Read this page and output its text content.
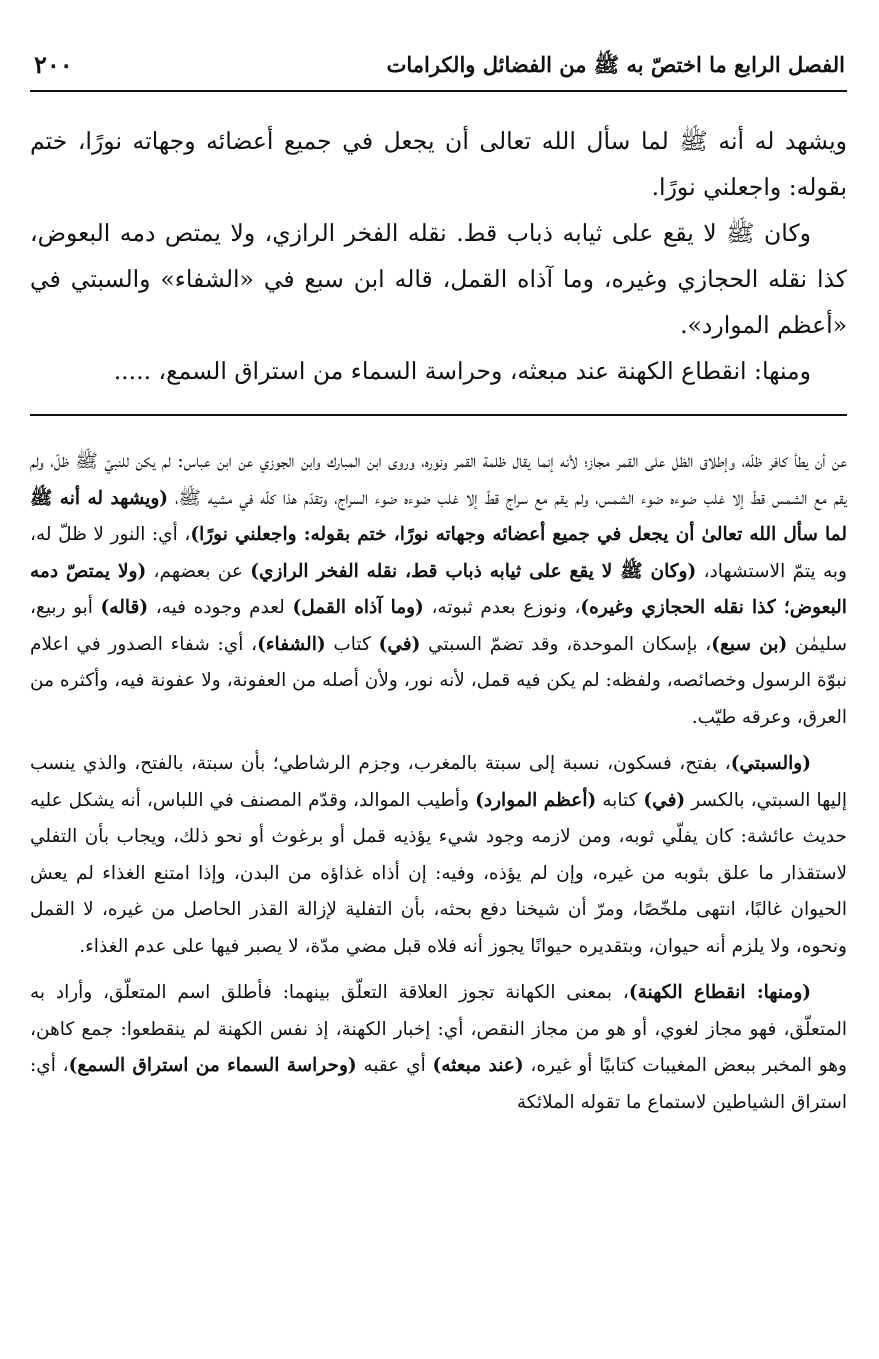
٢٠٠	الفصل الرابع ما اختصّ به ﷺ من الفضائل والكرامات

ويشهد له أنه ﷺ لما سأل الله تعالى أن يجعل في جميع أعضائه وجهاته نورًا، ختم بقوله: واجعلني نورًا.

وكان ﷺ لا يقع على ثيابه ذباب قط. نقله الفخر الرازي، ولا يمتص دمه البعوض، كذا نقله الحجازي وغيره، وما آذاه القمل، قاله ابن سبع في «الشفاء» والسبتي في «أعظم الموارد».

ومنها: انقطاع الكهنة عند مبعثه، وحراسة السماء من استراق السمع، .....

عن أن يطأ كافر ظلّه، وإطلاق الظل على القمر مجاز؛ لأنه إنما يقال ظلمة القمر ونوره، وروى ابن المبارك وابن الجوزي عن ابن عباس: لم يكن للنبيّ ﷺ ظلّ، ولم يقم مع الشمس قطّ إلا غلب ضوءه ضوء الشمس، ولم يقم مع سراج قطّ إلا غلب ضوءه ضوء السراج، وتقدّم هذا كلّه في مشيه ﷺ، (ويشهد له أنه ﷺ لما سأل الله تعالىٰ أن يجعل في جميع أعضائه وجهاته نورًا، ختم بقوله: واجعلني نورًا)، أي: النور لا ظلّ له، وبه يتمّ الاستشهاد، (وكان ﷺ لا يقع على ثيابه ذباب قط، نقله الفخر الرازي) عن بعضهم، (ولا يمتصّ دمه البعوض؛ كذا نقله الحجازي وغيره)، ونوزع بعدم ثبوته، (وما آذاه القمل) لعدم وجوده فيه، (قاله) أبو ربيع، سليمٰن (بن سبع)، بإسكان الموحدة، وقد تضمّ السبتي (في) كتاب (الشفاء)، أي: شفاء الصدور في اعلام نبوّة الرسول وخصائصه، ولفظه: لم يكن فيه قمل، لأنه نور، ولأن أصله من العفونة، ولا عفونة فيه، وأكثره من العرق، وعرقه طيّب.

(والسبتي)، بفتح، فسكون، نسبة إلى سبتة بالمغرب، وجزم الرشاطي؛ بأن سبتة، بالفتح، والذي ينسب إليها السبتي، بالكسر (في) كتابه (أعظم الموارد) وأطيب الموالد، وقدّم المصنف في اللباس، أنه يشكل عليه حديث عائشة: كان يفلّي ثوبه، ومن لازمه وجود شيء يؤذيه قمل أو برغوث أو نحو ذلك، ويجاب بأن التفلي لاستقذار ما علق بثوبه من غيره، وإن لم يؤذه، وفيه: إن أذاه غذاؤه من البدن، وإذا امتنع الغذاء لم يعش الحيوان غالبًا، انتهى ملخّصًا، ومرّ أن شيخنا دفع بحثه، بأن التفلية لإزالة القذر الحاصل من غيره، لا القمل ونحوه، ولا يلزم أنه حيوان، وبتقديره حيوانًا يجوز أنه فلاه قبل مضي مدّة، لا يصبر فيها على عدم الغذاء.

(ومنها: انقطاع الكهنة)، بمعنى الكهانة تجوز العلاقة التعلّق بينهما: فأطلق اسم المتعلّق، وأراد به المتعلّق، فهو مجاز لغوي، أو هو من مجاز النقص، أي: إخبار الكهنة، إذ نفس الكهنة لم ينقطعوا: جمع كاهن، وهو المخبر ببعض المغيبات كتابيًا أو غيره، (عند مبعثه) أي عقبه (وحراسة السماء من استراق السمع)، أي: استراق الشياطين لاستماع ما تقوله الملائكة
